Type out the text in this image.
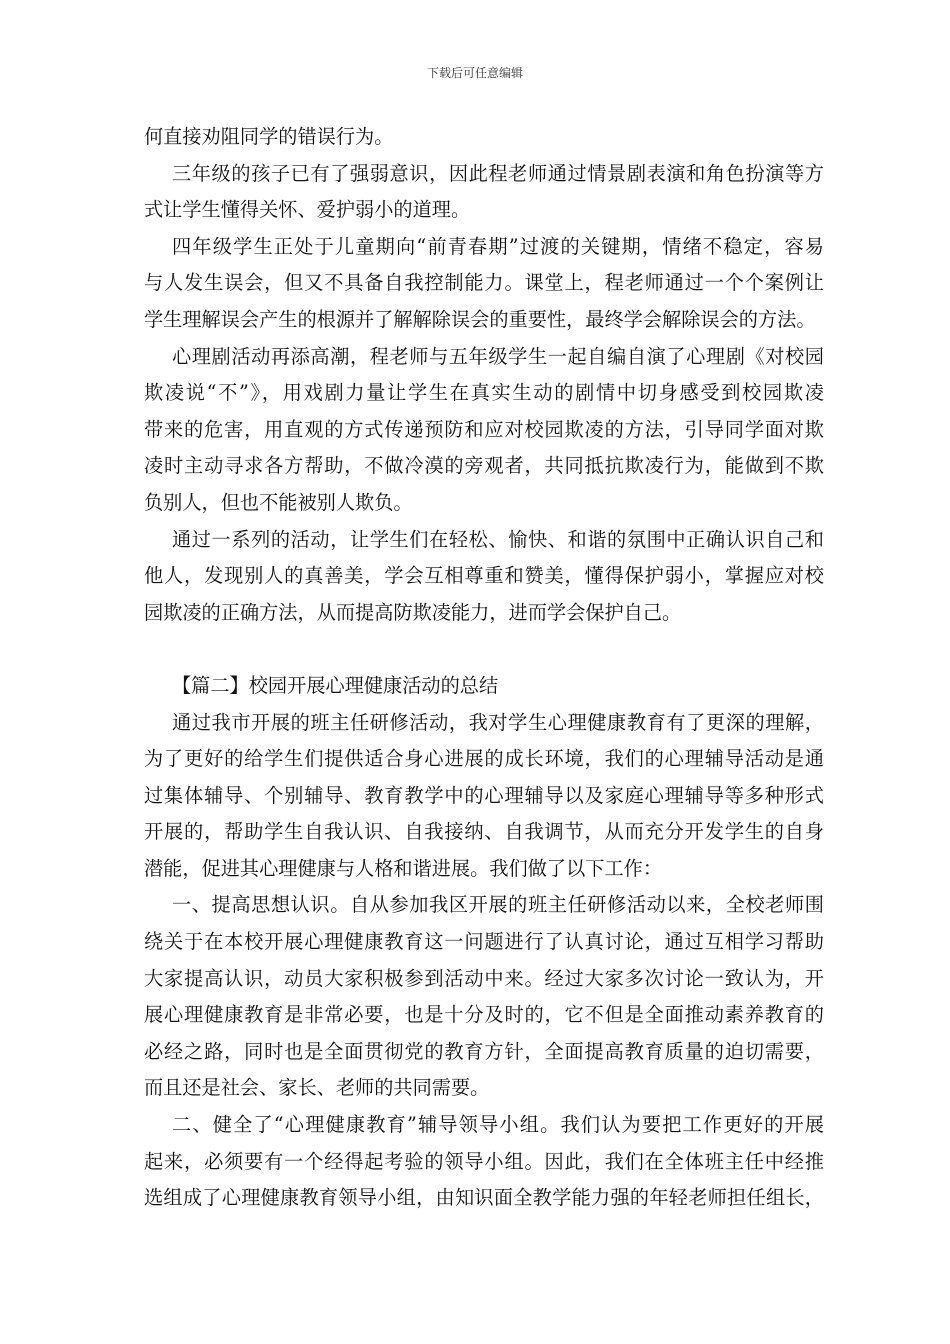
下载后可任意编辑
何直接劝阻同学的错误行为。
三年级的孩子已有了强弱意识，因此程老师通过情景剧表演和角色扮演等方
式让学生懂得关怀、爱护弱小的道理。
四年级学生正处于儿童期向“前青春期”过渡的关键期，情绪不稳定，容易
与人发生误会，但又不具备自我控制能力。课堂上，程老师通过一个个案例让
学生理解误会产生的根源并了解解除误会的重要性，最终学会解除误会的方法。
心理剧活动再添高潮，程老师与五年级学生一起自编自演了心理剧《对校园
欺凌说“不”》，用戏剧力量让学生在真实生动的剧情中切身感受到校园欺凌
带来的危害，用直观的方式传递预防和应对校园欺凌的方法，引导同学面对欺
凌时主动寻求各方帮助，不做冷漠的旁观者，共同抵抗欺凌行为，能做到不欺
负别人，但也不能被别人欺负。
通过一系列的活动，让学生们在轻松、愉快、和谐的氛围中正确认识自己和
他人，发现别人的真善美，学会互相尊重和赞美，懂得保护弱小，掌握应对校
园欺凌的正确方法，从而提高防欺凌能力，进而学会保护自己。
【篇二】校园开展心理健康活动的总结
通过我市开展的班主任研修活动，我对学生心理健康教育有了更深的理解，
为了更好的给学生们提供适合身心进展的成长环境，我们的心理辅导活动是通
过集体辅导、个别辅导、教育教学中的心理辅导以及家庭心理辅导等多种形式
开展的，帮助学生自我认识、自我接纳、自我调节，从而充分开发学生的自身
潜能，促进其心理健康与人格和谐进展。我们做了以下工作：
一、提高思想认识。自从参加我区开展的班主任研修活动以来，全校老师围
绕关于在本校开展心理健康教育这一问题进行了认真讨论，通过互相学习帮助
大家提高认识，动员大家积极参到活动中来。经过大家多次讨论一致认为，开
展心理健康教育是非常必要，也是十分及时的，它不但是全面推动素养教育的
必经之路，同时也是全面贯彻党的教育方针，全面提高教育质量的迫切需要，
而且还是社会、家长、老师的共同需要。
二、健全了“心理健康教育”辅导领导小组。我们认为要把工作更好的开展
起来，必须要有一个经得起考验的领导小组。因此，我们在全体班主任中经推
选组成了心理健康教育领导小组，由知识面全教学能力强的年轻老师担任组长，
